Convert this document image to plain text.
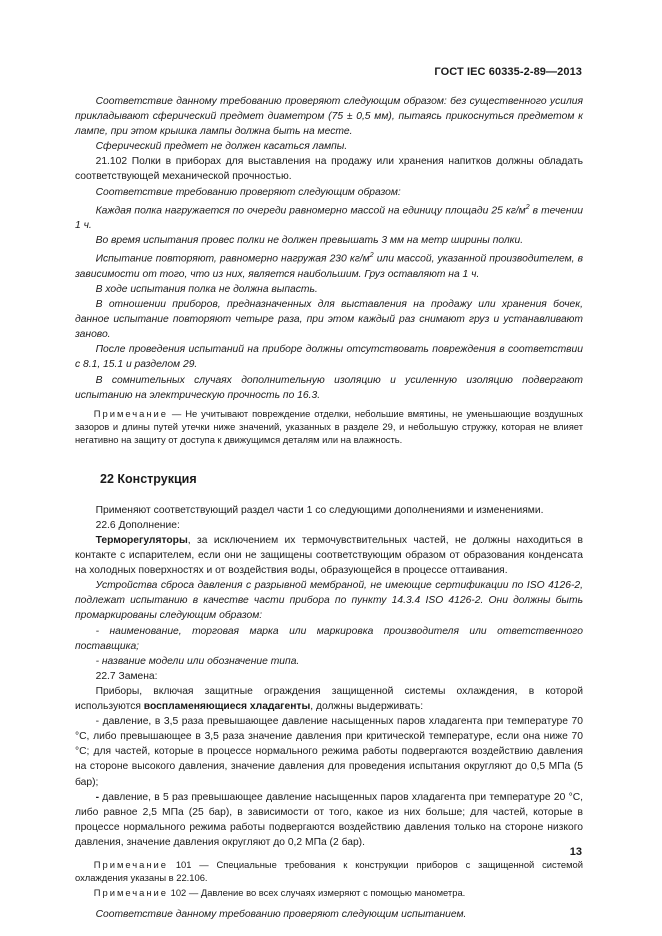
ГОСТ IEC 60335-2-89—2013

  Соответствие данному требованию проверяют следующим образом: без существенного усилия прикладывают сферический предмет диаметром (75 ± 0,5 мм), пытаясь прикоснуться предметом к лампе, при этом крышка лампы должна быть на месте.

  Сферический предмет не должен касаться лампы.

  21.102 Полки в приборах для выставления на продажу или хранения напитков должны обладать соответствующей механической прочностью.

  Соответствие требованию проверяют следующим образом:

  Каждая полка нагружается по очереди равномерно массой на единицу площади 25 $кг/м^2$ в течении 1 ч.

  Во время испытания провес полки не должен превышать 3 мм на метр ширины полки.

  Испытание повторяют, равномерно нагружая 230 $кг/м^2$ или массой, указанной производителем, в зависимости от того, что из них, является наибольшим. Груз оставляют на 1 ч.

  В ходе испытания полка не должна выпасть.

  В отношении приборов, предназначенных для выставления на продажу или хранения бочек, данное испытание повторяют четыре раза, при этом каждый раз снимают груз и устанавливают заново.

  После проведения испытаний на приборе должны отсутствовать повреждения в соответствии с 8.1, 15.1 и разделом 29.

  В сомнительных случаях дополнительную изоляцию и усиленную изоляцию подвергают испытанию на электрическую прочность по 16.3.

  Примечание — Не учитывают повреждение отделки, небольшие вмятины, не уменьшающие воздушных зазоров и длины путей утечки ниже значений, указанных в разделе 29, и небольшую стружку, которая не влияет негативно на защиту от доступа к движущимся деталям или на влажность.

  22 Конструкция

  Применяют соответствующий раздел части 1 со следующими дополнениями и изменениями.

  22.6 Дополнение:

  Терморегуляторы, за исключением их термочувствительных частей, не должны находиться в контакте с испарителем, если они не защищены соответствующим образом от образования конденсата на холодных поверхностях и от воздействия воды, образующейся в процессе оттаивания.

  Устройства сброса давления с разрывной мембраной, не имеющие сертификации по ISO 4126-2, подлежат испытанию в качестве части прибора по пункту 14.3.4 ISO 4126-2. Они должны быть промаркированы следующим образом:

  - наименование, торговая марка или маркировка производителя или ответственного поставщика;

  - название модели или обозначение типа.

  22.7 Замена:

  Приборы, включая защитные ограждения защищенной системы охлаждения, в которой используются воспламеняющиеся хладагенты, должны выдерживать:

  - давление, в 3,5 раза превышающее давление насыщенных паров хладагента при температуре 70 °С, либо превышающее в 3,5 раза значение давления при критической температуре, если она ниже 70 °С; для частей, которые в процессе нормального режима работы подвергаются воздействию давления на стороне высокого давления, значение давления для проведения испытания округляют до 0,5 МПа (5 бар);

  - давление, в 5 раз превышающее давление насыщенных паров хладагента при температуре 20 °С, либо равное 2,5 МПа (25 бар), в зависимости от того, какое из них больше; для частей, которые в процессе нормального режима работы подвергаются воздействию давления только на стороне низкого давления, значение давления округляют до 0,2 МПа (2 бар).

  Примечание 101 — Специальные требования к конструкции приборов с защищенной системой охлаждения указаны в 22.106.

  Примечание 102 — Давление во всех случаях измеряют с помощью манометра.

  Соответствие данному требованию проверяют следующим испытанием.

13
